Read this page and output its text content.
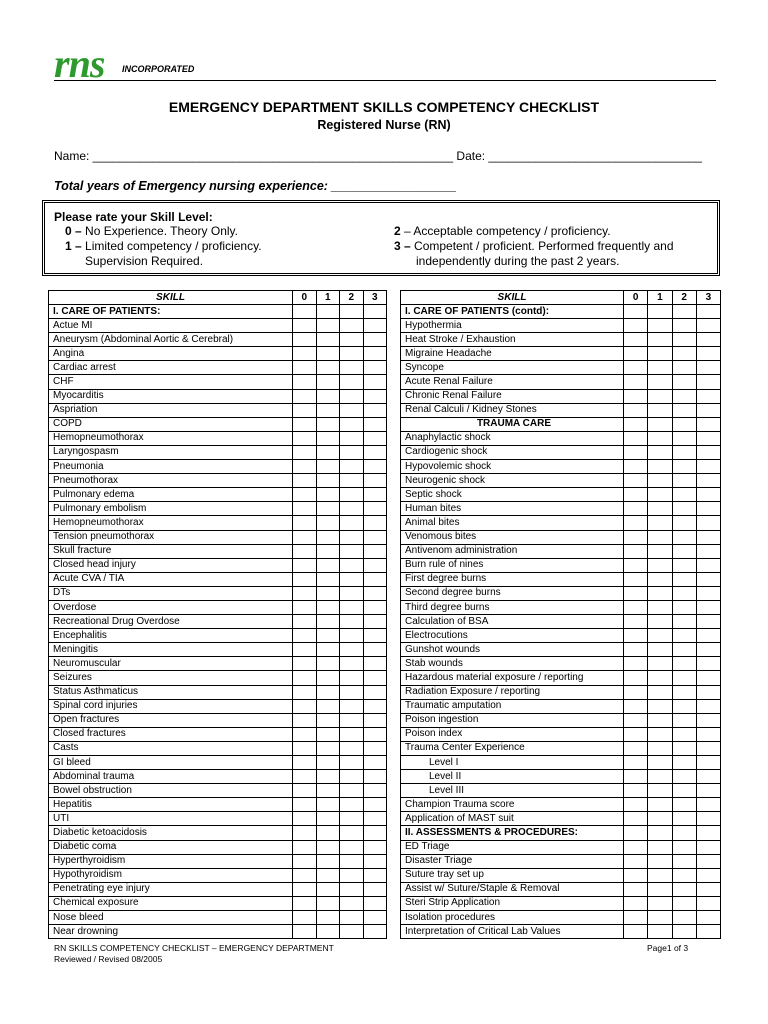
rns INCORPORATED
EMERGENCY DEPARTMENT SKILLS COMPETENCY CHECKLIST
Registered Nurse (RN)
Name: ______________________________________________________ Date: ________________________________
Total years of Emergency nursing experience: __________________
Please rate your Skill Level:
0 – No Experience. Theory Only.
1 – Limited competency / proficiency.
Supervision Required.
2 – Acceptable competency / proficiency.
3 – Competent / proficient. Performed frequently and
independently during the past 2 years.
SKILL	0	1	2	3
I. CARE OF PATIENTS:				
Actue MI				
Aneurysm (Abdominal Aortic & Cerebral)				
Angina				
Cardiac arrest				
CHF				
Myocarditis				
Aspriation				
COPD				
Hemopneumothorax				
Laryngospasm				
Pneumonia				
Pneumothorax				
Pulmonary edema				
Pulmonary embolism				
Hemopneumothorax				
Tension pneumothorax				
Skull fracture				
Closed head injury				
Acute CVA / TIA				
DTs				
Overdose				
Recreational Drug Overdose				
Encephalitis				
Meningitis				
Neuromuscular				
Seizures				
Status Asthmaticus				
Spinal cord injuries				
Open fractures				
Closed fractures				
Casts				
GI bleed				
Abdominal trauma				
Bowel obstruction				
Hepatitis				
UTI				
Diabetic ketoacidosis				
Diabetic coma				
Hyperthyroidism				
Hypothyroidism				
Penetrating eye injury				
Chemical exposure				
Nose bleed				
Near drowning				
SKILL	0	1	2	3
I. CARE OF PATIENTS (contd):				
Hypothermia				
Heat Stroke / Exhaustion				
Migraine Headache				
Syncope				
Acute Renal Failure				
Chronic Renal Failure				
Renal Calculi / Kidney Stones				
TRAUMA CARE				
Anaphylactic shock				
Cardiogenic shock				
Hypovolemic shock				
Neurogenic shock				
Septic shock				
Human bites				
Animal bites				
Venomous bites				
Antivenom administration				
Burn rule of nines				
First degree burns				
Second degree burns				
Third degree burns				
Calculation of BSA				
Electrocutions				
Gunshot wounds				
Stab wounds				
Hazardous material exposure / reporting				
Radiation Exposure / reporting				
Traumatic amputation				
Poison ingestion				
Poison index				
Trauma Center Experience				
Level I				
Level II				
Level III				
Champion Trauma score				
Application of MAST suit				
II. ASSESSMENTS & PROCEDURES:				
ED Triage				
Disaster Triage				
Suture tray set up				
Assist w/ Suture/Staple & Removal				
Steri Strip Application				
Isolation procedures				
Interpretation of Critical Lab Values				
RN SKILLS COMPETENCY CHECKLIST – EMERGENCY DEPARTMENT
Reviewed / Revised 08/2005
Page1 of 3
